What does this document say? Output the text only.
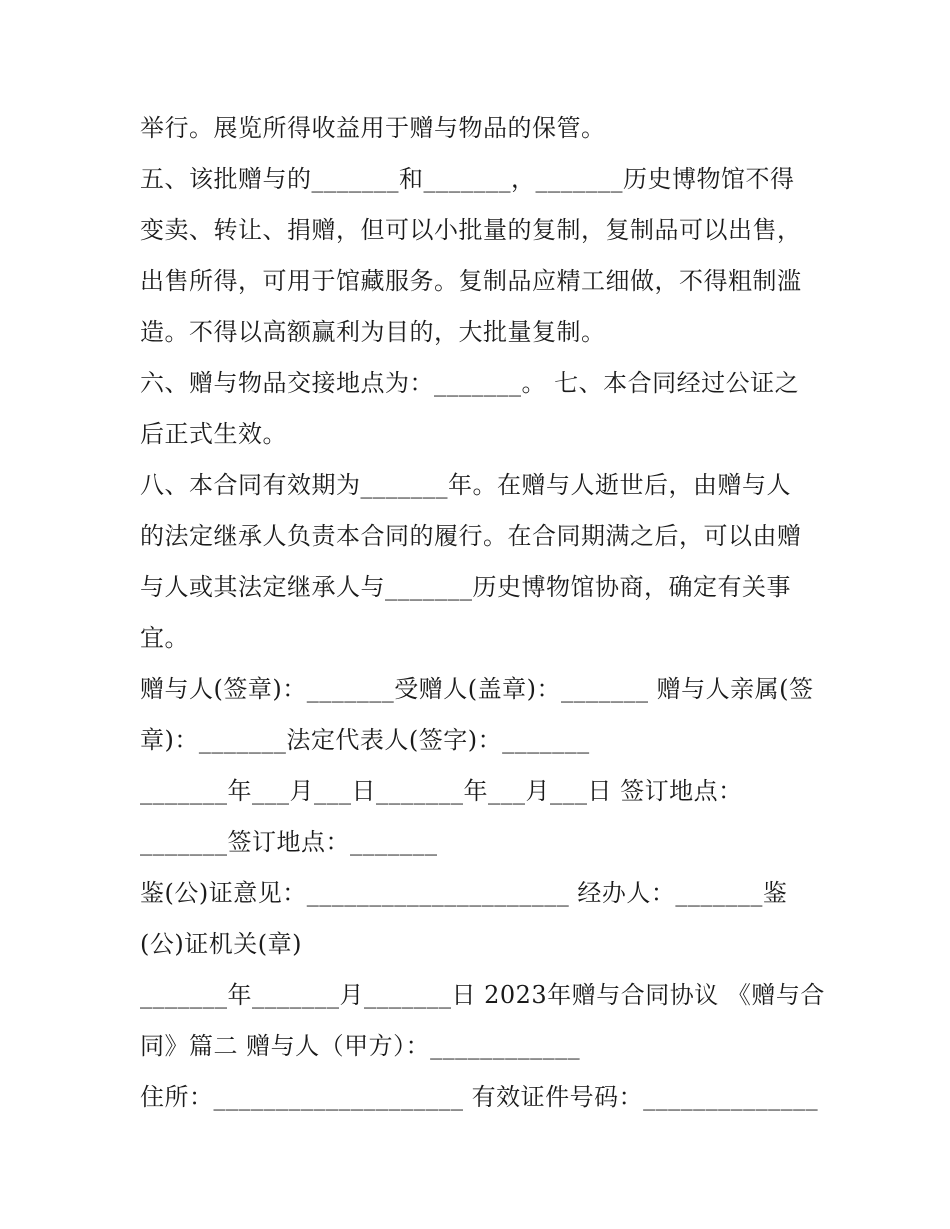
举行。展览所得收益用于赠与物品的保管。
五、该批赠与的_______和_______，_______历史博物馆不得
变卖、转让、捐赠，但可以小批量的复制，复制品可以出售，
出售所得，可用于馆藏服务。复制品应精工细做，不得粗制滥
造。不得以高额赢利为目的，大批量复制。
六、赠与物品交接地点为：_______。 七、本合同经过公证之
后正式生效。
八、本合同有效期为_______年。在赠与人逝世后，由赠与人
的法定继承人负责本合同的履行。在合同期满之后，可以由赠
与人或其法定继承人与_______历史博物馆协商，确定有关事
宜。
赠与人(签章)：_______受赠人(盖章)：_______ 赠与人亲属(签
章)：_______法定代表人(签字)：_______
_______年___月___日_______年___月___日 签订地点：
_______签订地点：_______
鉴(公)证意见：_____________________ 经办人：_______鉴
(公)证机关(章)
_______年_______月_______日 2023年赠与合同协议 《赠与合
同》篇二 赠与人（甲方）：____________
住所：____________________ 有效证件号码：______________
